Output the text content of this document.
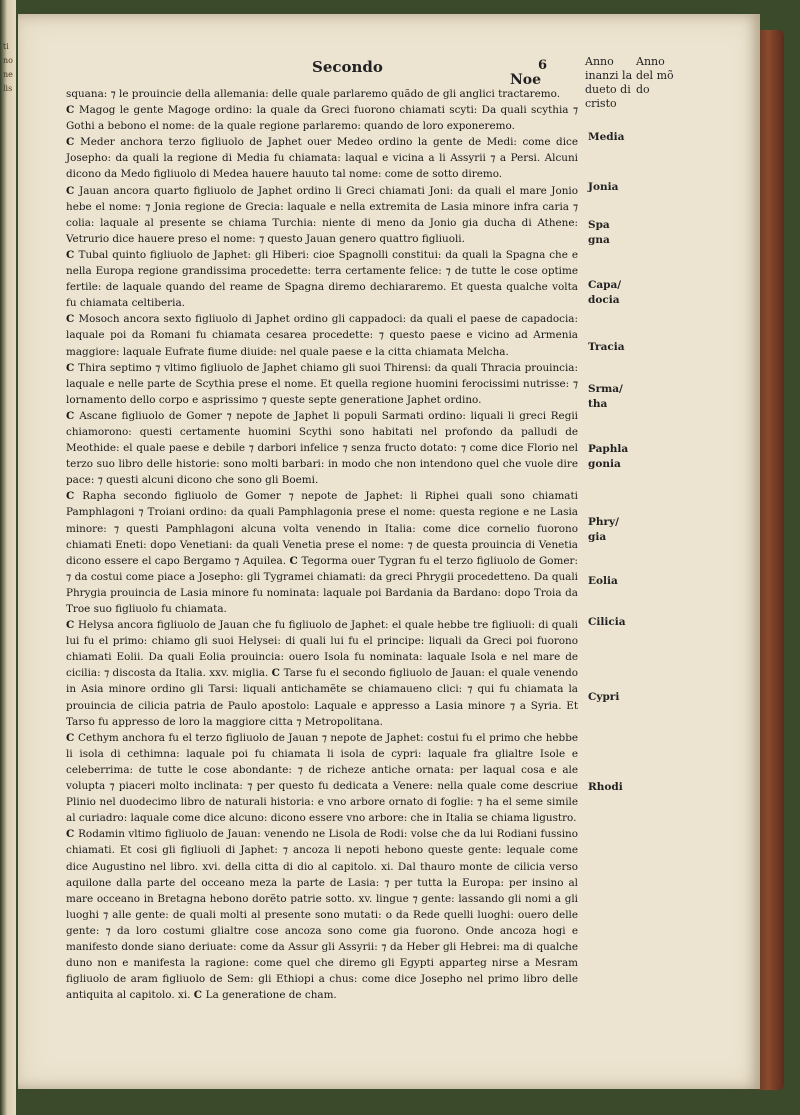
tinone lis
Secondo	6
Noe
Anno inanzi la dueto di cristo
Anno del mõ do

squana: ⁊ le prouincie della allemania: delle quale parlaremo quãdo de gli anglici tractaremo.

C Magog le gente Magoge ordino: la quale da Greci fuorono chiamati scyti: Da quali scythia ⁊ Gothi a bebono el nome: de la quale regione parlaremo: quando de loro exponeremo.

C Meder anchora terzo figliuolo de Japhet ouer Medeo ordino la gente de Medi: come dice Josepho: da quali la regione di Media fu chiamata: laqual e vicina a li Assyrii ⁊ a Persi. Alcuni dicono da Medo figliuolo di Medea hauere hauuto tal nome: come de sotto diremo.

C Jauan ancora quarto figliuolo de Japhet ordino li Greci chiamati Joni: da quali el mare Jonio hebe el nome: ⁊ Jonia regione de Grecia: laquale e nella extremita de Lasia minore infra caria ⁊ colia: laquale al presente se chiama Turchia: niente di meno da Jonio gia ducha di Athene: Vetrurio dice hauere preso el nome: ⁊ questo Jauan genero quattro figliuoli.

C Tubal quinto figliuolo de Japhet: gli Hiberi: cioe Spagnolli constitui: da quali la Spagna che e nella Europa regione grandissima procedette: terra certamente felice: ⁊ de tutte le cose optime fertile: de laquale quando del reame de Spagna diremo dechiararemo. Et questa qualche volta fu chiamata celtiberia.

C Mosoch ancora sexto figliuolo di Japhet ordino gli cappadoci: da quali el paese de capadocia: laquale poi da Romani fu chiamata cesarea procedette: ⁊ questo paese e vicino ad Armenia maggiore: laquale Eufrate fiume diuide: nel quale paese e la citta chiamata Melcha.

C Thira septimo ⁊ vltimo figliuolo de Japhet chiamo gli suoi Thirensi: da quali Thracia prouincia: laquale e nelle parte de Scythia prese el nome. Et quella regione huomini ferocissimi nutrisse: ⁊ lornamento dello corpo e asprissimo ⁊ queste septe generatione Japhet ordino.

C Ascane figliuolo de Gomer ⁊ nepote de Japhet li populi Sarmati ordino: liquali li greci Regii chiamorono: questi certamente huomini Scythi sono habitati nel profondo da palludi de Meothide: el quale paese e debile ⁊ darbori infelice ⁊ senza fructo dotato: ⁊ come dice Florio nel terzo suo libro delle historie: sono molti barbari: in modo che non intendono quel che vuole dire pace: ⁊ questi alcuni dicono che sono gli Boemi.

C Rapha secondo figliuolo de Gomer ⁊ nepote de Japhet: li Riphei quali sono chiamati Pamphlagoni ⁊ Troiani ordino: da quali Pamphlagonia prese el nome: questa regione e ne Lasia minore: ⁊ questi Pamphlagoni alcuna volta venendo in Italia: come dice cornelio fuorono chiamati Eneti: dopo Venetiani: da quali Venetia prese el nome: ⁊ de questa prouincia di Venetia dicono essere el capo Bergamo ⁊ Aquilea. C Tegorma ouer Tygran fu el terzo figliuolo de Gomer: ⁊ da costui come piace a Josepho: gli Tygramei chiamati: da greci Phrygii procedetteno. Da quali Phrygia prouincia de Lasia minore fu nominata: laquale poi Bardania da Bardano: dopo Troia da Troe suo figliuolo fu chiamata.

C Helysa ancora figliuolo de Jauan che fu figliuolo de Japhet: el quale hebbe tre figliuoli: di quali lui fu el primo: chiamo gli suoi Helysei: di quali lui fu el principe: liquali da Greci poi fuorono chiamati Eolii. Da quali Eolia prouincia: ouero Isola fu nominata: laquale Isola e nel mare de cicilia: ⁊ discosta da Italia. xxv. miglia. C Tarse fu el secondo figliuolo de Jauan: el quale venendo in Asia minore ordino gli Tarsi: liquali antichamẽte se chiamaueno clici: ⁊ qui fu chiamata la prouincia de cilicia patria de Paulo apostolo: Laquale e appresso a Lasia minore ⁊ a Syria. Et Tarso fu appresso de loro la maggiore citta ⁊ Metropolitana.

C Cethym anchora fu el terzo figliuolo de Jauan ⁊ nepote de Japhet: costui fu el primo che hebbe li isola di cethimna: laquale poi fu chiamata li isola de cypri: laquale fra glialtre Isole e celeberrima: de tutte le cose abondante: ⁊ de richeze antiche ornata: per laqual cosa e ale volupta ⁊ piaceri molto inclinata: ⁊ per questo fu dedicata a Venere: nella quale come descriue Plinio nel duodecimo libro de naturali historia: e vno arbore ornato di foglie: ⁊ ha el seme simile al curiadro: laquale come dice alcuno: dicono essere vno arbore: che in Italia se chiama ligustro.

C Rodamin vltimo figliuolo de Jauan: venendo ne Lisola de Rodi: volse che da lui Rodiani fussino chiamati. Et cosi gli figliuoli di Japhet: ⁊ ancoza li nepoti hebono queste gente: lequale come dice Augustino nel libro. xvi. della citta di dio al capitolo. xi. Dal thauro monte de cilicia verso aquilone dalla parte del occeano meza la parte de Lasia: ⁊ per tutta la Europa: per insino al mare occeano in Bretagna hebono dorẽto patrie sotto. xv. lingue ⁊ gente: lassando gli nomi a gli luoghi ⁊ alle gente: de quali molti al presente sono mutati: o da Rede quelli luoghi: ouero delle gente: ⁊ da loro costumi glialtre cose ancoza sono come gia fuorono. Onde ancoza hogi e manifesto donde siano deriuate: come da Assur gli Assyrii: ⁊ da Heber gli Hebrei: ma di qualche duno non e manifesta la ragione: come quel che diremo gli Egypti apparteg nirse a Mesram figliuolo de aram figliuolo de Sem: gli Ethiopi a chus: come dice Josepho nel primo libro delle antiquita al capitolo. xi. C La generatione de cham.

Media
Jonia
Spa gna
Capa/ docia
Tracia
Srma/ tha
Paphla gonia
Phry/ gia
Eolia
Cilicia
Cypri
Rhodi
